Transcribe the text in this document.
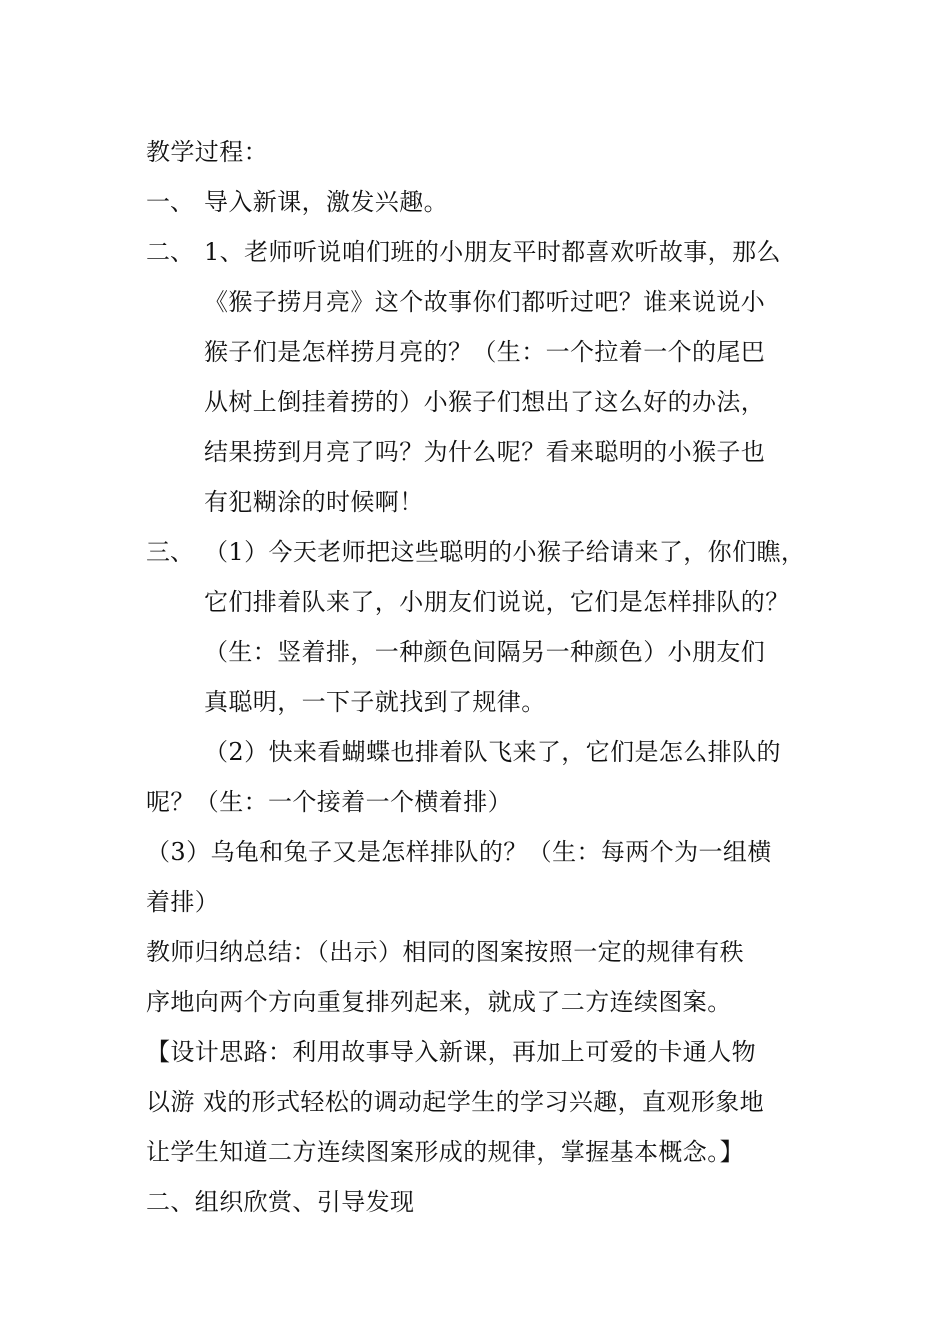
教学过程：
一、 导入新课，激发兴趣。
二、 1、老师听说咱们班的小朋友平时都喜欢听故事，那么
《猴子捞月亮》这个故事你们都听过吧？谁来说说小
猴子们是怎样捞月亮的？（生：一个拉着一个的尾巴
从树上倒挂着捞的）小猴子们想出了这么好的办法，
结果捞到月亮了吗？为什么呢？看来聪明的小猴子也
有犯糊涂的时候啊！
三、 （1）今天老师把这些聪明的小猴子给请来了，你们瞧，
它们排着队来了，小朋友们说说，它们是怎样排队的？
（生：竖着排，一种颜色间隔另一种颜色）小朋友们
真聪明，一下子就找到了规律。
（2）快来看蝴蝶也排着队飞来了，它们是怎么排队的
呢？（生：一个接着一个横着排）
（3）乌龟和兔子又是怎样排队的？（生：每两个为一组横
着排）
教师归纳总结：（出示）相同的图案按照一定的规律有秩
序地向两个方向重复排列起来，就成了二方连续图案。
【设计思路：利用故事导入新课，再加上可爱的卡通人物
以游 戏的形式轻松的调动起学生的学习兴趣，直观形象地
让学生知道二方连续图案形成的规律，掌握基本概念。】
二、组织欣赏、引导发现
